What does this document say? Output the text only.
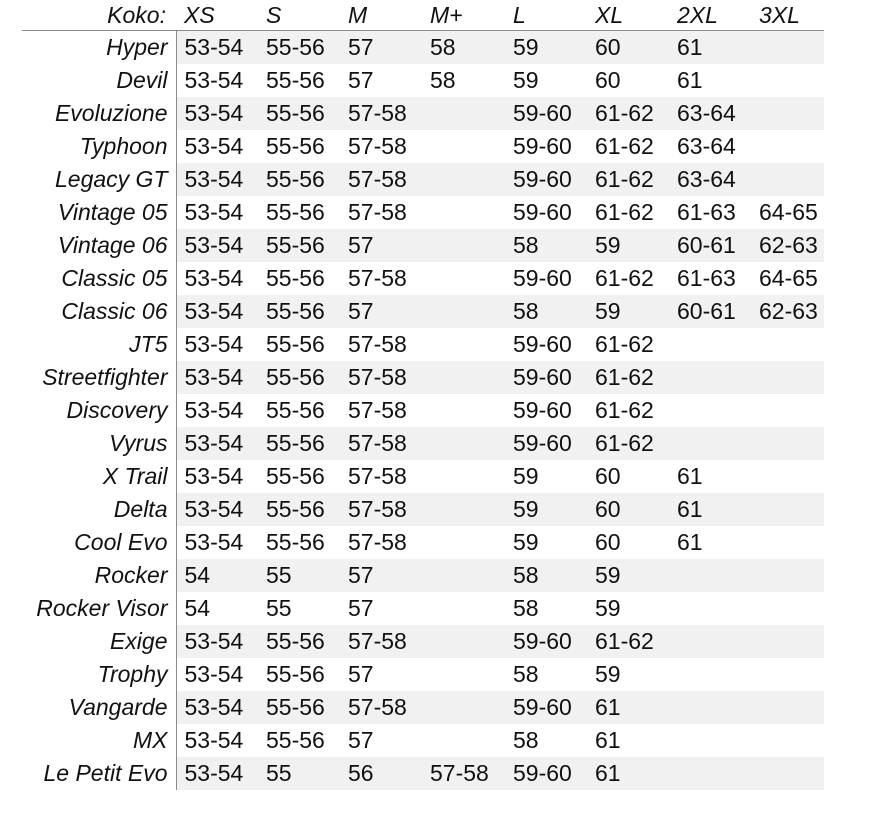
Koko:	XS	S	M	M+	L	XL	2XL	3XL
Hyper	53-54	55-56	57	58	59	60	61	
Devil	53-54	55-56	57	58	59	60	61	
Evoluzione	53-54	55-56	57-58		59-60	61-62	63-64	
Typhoon	53-54	55-56	57-58		59-60	61-62	63-64	
Legacy GT	53-54	55-56	57-58		59-60	61-62	63-64	
Vintage 05	53-54	55-56	57-58		59-60	61-62	61-63	64-65
Vintage 06	53-54	55-56	57		58	59	60-61	62-63
Classic 05	53-54	55-56	57-58		59-60	61-62	61-63	64-65
Classic 06	53-54	55-56	57		58	59	60-61	62-63
JT5	53-54	55-56	57-58		59-60	61-62		
Streetfighter	53-54	55-56	57-58		59-60	61-62		
Discovery	53-54	55-56	57-58		59-60	61-62		
Vyrus	53-54	55-56	57-58		59-60	61-62		
X Trail	53-54	55-56	57-58		59	60	61	
Delta	53-54	55-56	57-58		59	60	61	
Cool Evo	53-54	55-56	57-58		59	60	61	
Rocker	54	55	57		58	59		
Rocker Visor	54	55	57		58	59		
Exige	53-54	55-56	57-58		59-60	61-62		
Trophy	53-54	55-56	57		58	59		
Vangarde	53-54	55-56	57-58		59-60	61		
MX	53-54	55-56	57		58	61		
Le Petit Evo	53-54	55	56	57-58	59-60	61		
